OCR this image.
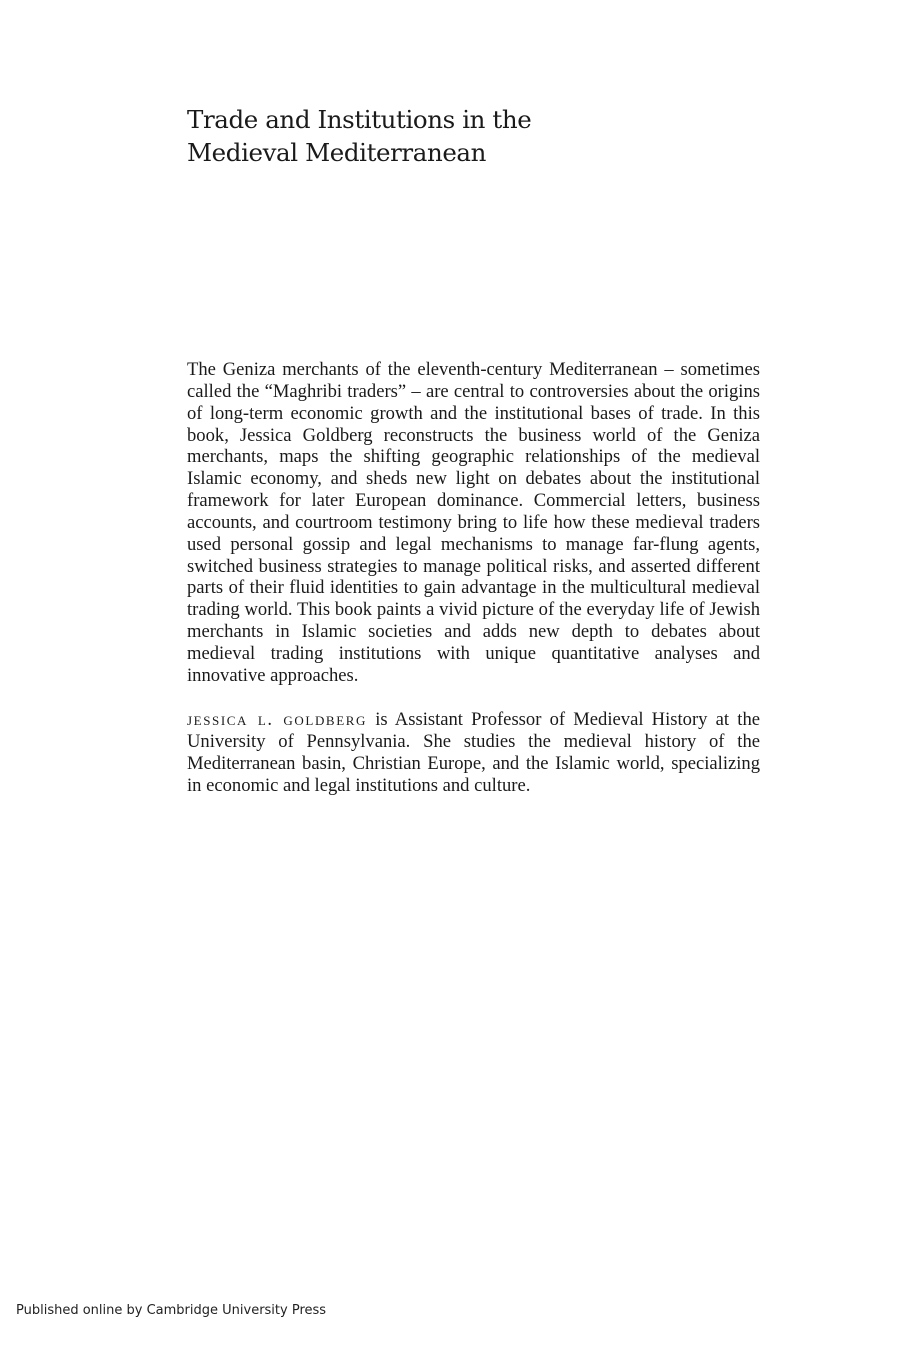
Trade and Institutions in the
Medieval Mediterranean

The Geniza merchants of the eleventh-century Mediterranean – sometimes called the “Maghribi traders” – are central to controversies about the origins of long-term economic growth and the institutional bases of trade. In this book, Jessica Goldberg reconstructs the business world of the Geniza merchants, maps the shifting geographic relationships of the medieval Islamic economy, and sheds new light on debates about the institutional framework for later European dominance. Commercial letters, business accounts, and courtroom testimony bring to life how these medieval traders used personal gossip and legal mechanisms to manage far-flung agents, switched business strategies to manage political risks, and asserted different parts of their fluid identities to gain advantage in the multicultural medieval trading world. This book paints a vivid picture of the everyday life of Jewish merchants in Islamic societies and adds new depth to debates about medieval trading institutions with unique quantitative analyses and innovative approaches.

jessica l. goldberg is Assistant Professor of Medieval History at the University of Pennsylvania. She studies the medieval history of the Mediterranean basin, Christian Europe, and the Islamic world, specializing in economic and legal institutions and culture.

Published online by Cambridge University Press
